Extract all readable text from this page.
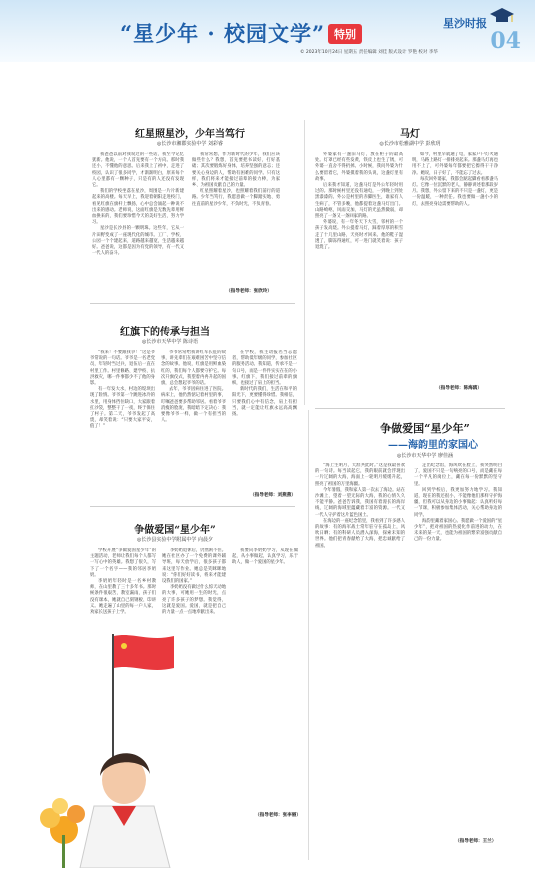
“星少年 · 校园文学” 特别
星沙时报
04
© 2023年10月24日 星期五 责任编辑 刘佳 版式设计 罗艳 校对 李华
红星照星沙，少年当笃行
◎长沙市湘郡实验中学 刘彩睿

我爸爸以前对我说过的一些话，我至今记忆犹新。他说，一个人首先要有一个方向。那时我还小，不懂他的意思。后来我上了初中，走进了校园，认识了很多同学，才渐渐明白，原来每个人心里都有一颗种子，只是有的人还没有发现它。

我们的学校坐落在星沙，周围是一片片新建起来的高楼。每天早上，我迎着朝阳走进校门，看见红旗在旗杆上飘扬，心中总会涌起一种说不出来的感动。老师说，这面红旗是无数先辈用鲜血换来的，我们要珍惜今天的美好生活，努力学习。

星沙是长沙县的一颗明珠。这些年，它从一片田野变成了一座现代化的城市。工厂、学校、公园一个个建起来，道路越来越宽，生活越来越好。爸爸说，这都是因为有党的领导，有一代又一代人的奋斗。

我常常想，作为新时代的少年，我们应该做些什么？我想，首先要把书读好，打好基础；其次要锻炼好身体，培养坚强的意志；还要关心身边的人，帮助有困难的同学。只有这样，我们将来才能接过前辈的接力棒，为家乡、为祖国贡献自己的力量。

红星照耀着星沙，也照耀着我们前行的道路。少年当笃行，我愿意做一个脚踏实地、勇往直前的星沙少年，不负时光，不负青春。

（指导老师：张欣玲）
马灯
◎长沙市松雅湖中学 彭欣玥

外婆家有一盏旧马灯，放在柜子的最高处。灯罩已经有些发黄，铁皮上也生了锈，可外婆一直舍不得扔掉。小时候，我问外婆为什么要留着它，外婆摸着我的头说，这盏灯里有故事。

后来我才知道，这盏马灯是外公年轻时用过的。那时候村里还没有通电，一到晚上到处黑漆漆的。外公是村里的赤脚医生，谁家有人生病了，不管多晚，他都提着这盏马灯出门。山路崎岖，风雨交加，马灯的光虽然微弱，却照亮了一条又一条回家的路。

外婆说，有一年冬天下大雪，邻村的一个孩子发高烧。外公提着马灯，踩着厚厚的积雪走了十几里山路，天亮时才回来。他的鞋子湿透了，脚冻得通红，可一进门就笑着说：孩子退烧了。

如今，村里早就通了电，家家户户灯火通明，马路上路灯一排排亮起来。那盏马灯再也用不上了，可外婆每年都要把它擦得干干净净。她说，日子好了，不能忘了过去。

每次回外婆家，我都会踮起脚看看那盏马灯。它像一位沉默的老人，静静讲述着那段岁月。我想，外公留下来的不只是一盏灯，更是一份温暖，一种责任。我也要做一盏小小的灯，去照亮身边需要帮助的人。

（指导老师：陈海鸥）
红旗下的传承与担当
◎长沙市天华中学 陈诗语

“我来！不要跟我争！”这是爷爷常说的一句话。爷爷是一名老党员，年轻时当过兵，退伍后一直在村里工作。村里修路、建学校、抗洪救灾，哪一件事都少不了他的身影。

有一年发大水，村边的堤坝出现了险情。爷爷第一个跳进冰冷的水里，用身体挡住缺口，大家跟着扛沙袋，整整干了一夜，终于保住了村子。第二天，爷爷发起了高烧，却笑着说：“只要大家平安，值了！”

爷爷常常给我讲红军长征的故事，讲先辈们在艰难困苦中坚守信念的故事。他说，红旗是用鲜血染红的，我们每个人都要守护它。每次升旗仪式，我望着冉冉升起的国旗，总会想起爷爷的话。

去年，爷爷因病住进了医院。病床上，他仍然惦记着村里的事，叮嘱爸爸要多帮助邻居。看着爷爷消瘦的脸庞，我暗暗下定决心：我要像爷爷一样，做一个有担当的人。

在学校，我主动报名当志愿者，帮助低年级的同学，参加社区的服务活动。我知道，传承不是一句口号，而是一件件实实在在的小事。红旗下，我们接过前辈的旗帜，也接过了肩上的担当。

新时代的我们，生活在和平的阳光下，更要懂得珍惜。我相信，只要我们心中有信念，肩上有担当，就一定能让红旗永远高高飘扬。

（指导老师：刘燕燕）
争做爱国“星少年”
——海韵里的家国心
◎长沙市天华中学 廖佳涵

“海上生明月，天涯共此时。”这是我最喜欢的一句诗。每当读起它，我的眼前就会浮现出一片辽阔的大海，海面上一轮明月缓缓升起，照亮了祖国的万里海疆。

今年暑假，我和家人第一次去了海边。站在沙滩上，望着一望无际的大海，我的心情久久不能平静。爸爸告诉我，我国有着漫长的海岸线，辽阔的海域里蕴藏着丰富的资源。一代又一代人守护着这片蓝色国土。

在海边的一座纪念馆里，我看到了许多感人的故事：有的海军战士常年驻守在孤岛上，风吹日晒；有的科研人员潜入深海，探索未知的世界。他们把青春献给了大海，把忠诚献给了祖国。

走出纪念馆，海风吹在脸上，我突然明白了，爱国不只是一句响亮的口号，而是藏在每一个平凡的岗位上，藏在每一份默默的坚守里。

回到学校后，我更加努力地学习。我知道，现在的我还很小，不能像他们那样守护海疆，但我可以从身边的小事做起：认真听好每一节课，积极参加集体活动，关心帮助身边的同学。

海韵里藏着家国心。我愿做一个爱国的“星少年”，把对祖国的热爱化作前进的动力，在未来的某一天，也能为祖国的繁荣富强贡献自己的一份力量。

（指导老师：王兰）
争做爱国“星少年”
◎长沙县实验中学附属中学 向晨夕

学校开展“争做爱国星少年”的主题活动，老师让我们每个人都写一写心中的英雄。我想了很久，写下了一个名字——我的邻居李奶奶。

李奶奶年轻时是一名乡村教师，在山里教了三十多年书。那时候条件很艰苦，教室漏雨，孩子们没有课本，她就自己刻钢板、印讲义。她走遍了山里的每一户人家，劝家长送孩子上学。

李奶奶退休后，仍然闲不住。她在社区办了一个免费的课外辅导班，每天放学后，很多孩子都来这里写作业。她总是笑眯眯地说：“你们好好读书，将来才能建设我们的国家。”

李奶奶没有做过什么惊天动地的大事，可她用一生的时光，点亮了许多孩子的梦想。我觉得，这就是爱国。爱国，就是把自己的力量一点一点地奉献出来。

我要向李奶奶学习，从现在做起，从小事做起，认真学习，乐于助人，做一个爱国的星少年。

（指导老师：张李丽）
